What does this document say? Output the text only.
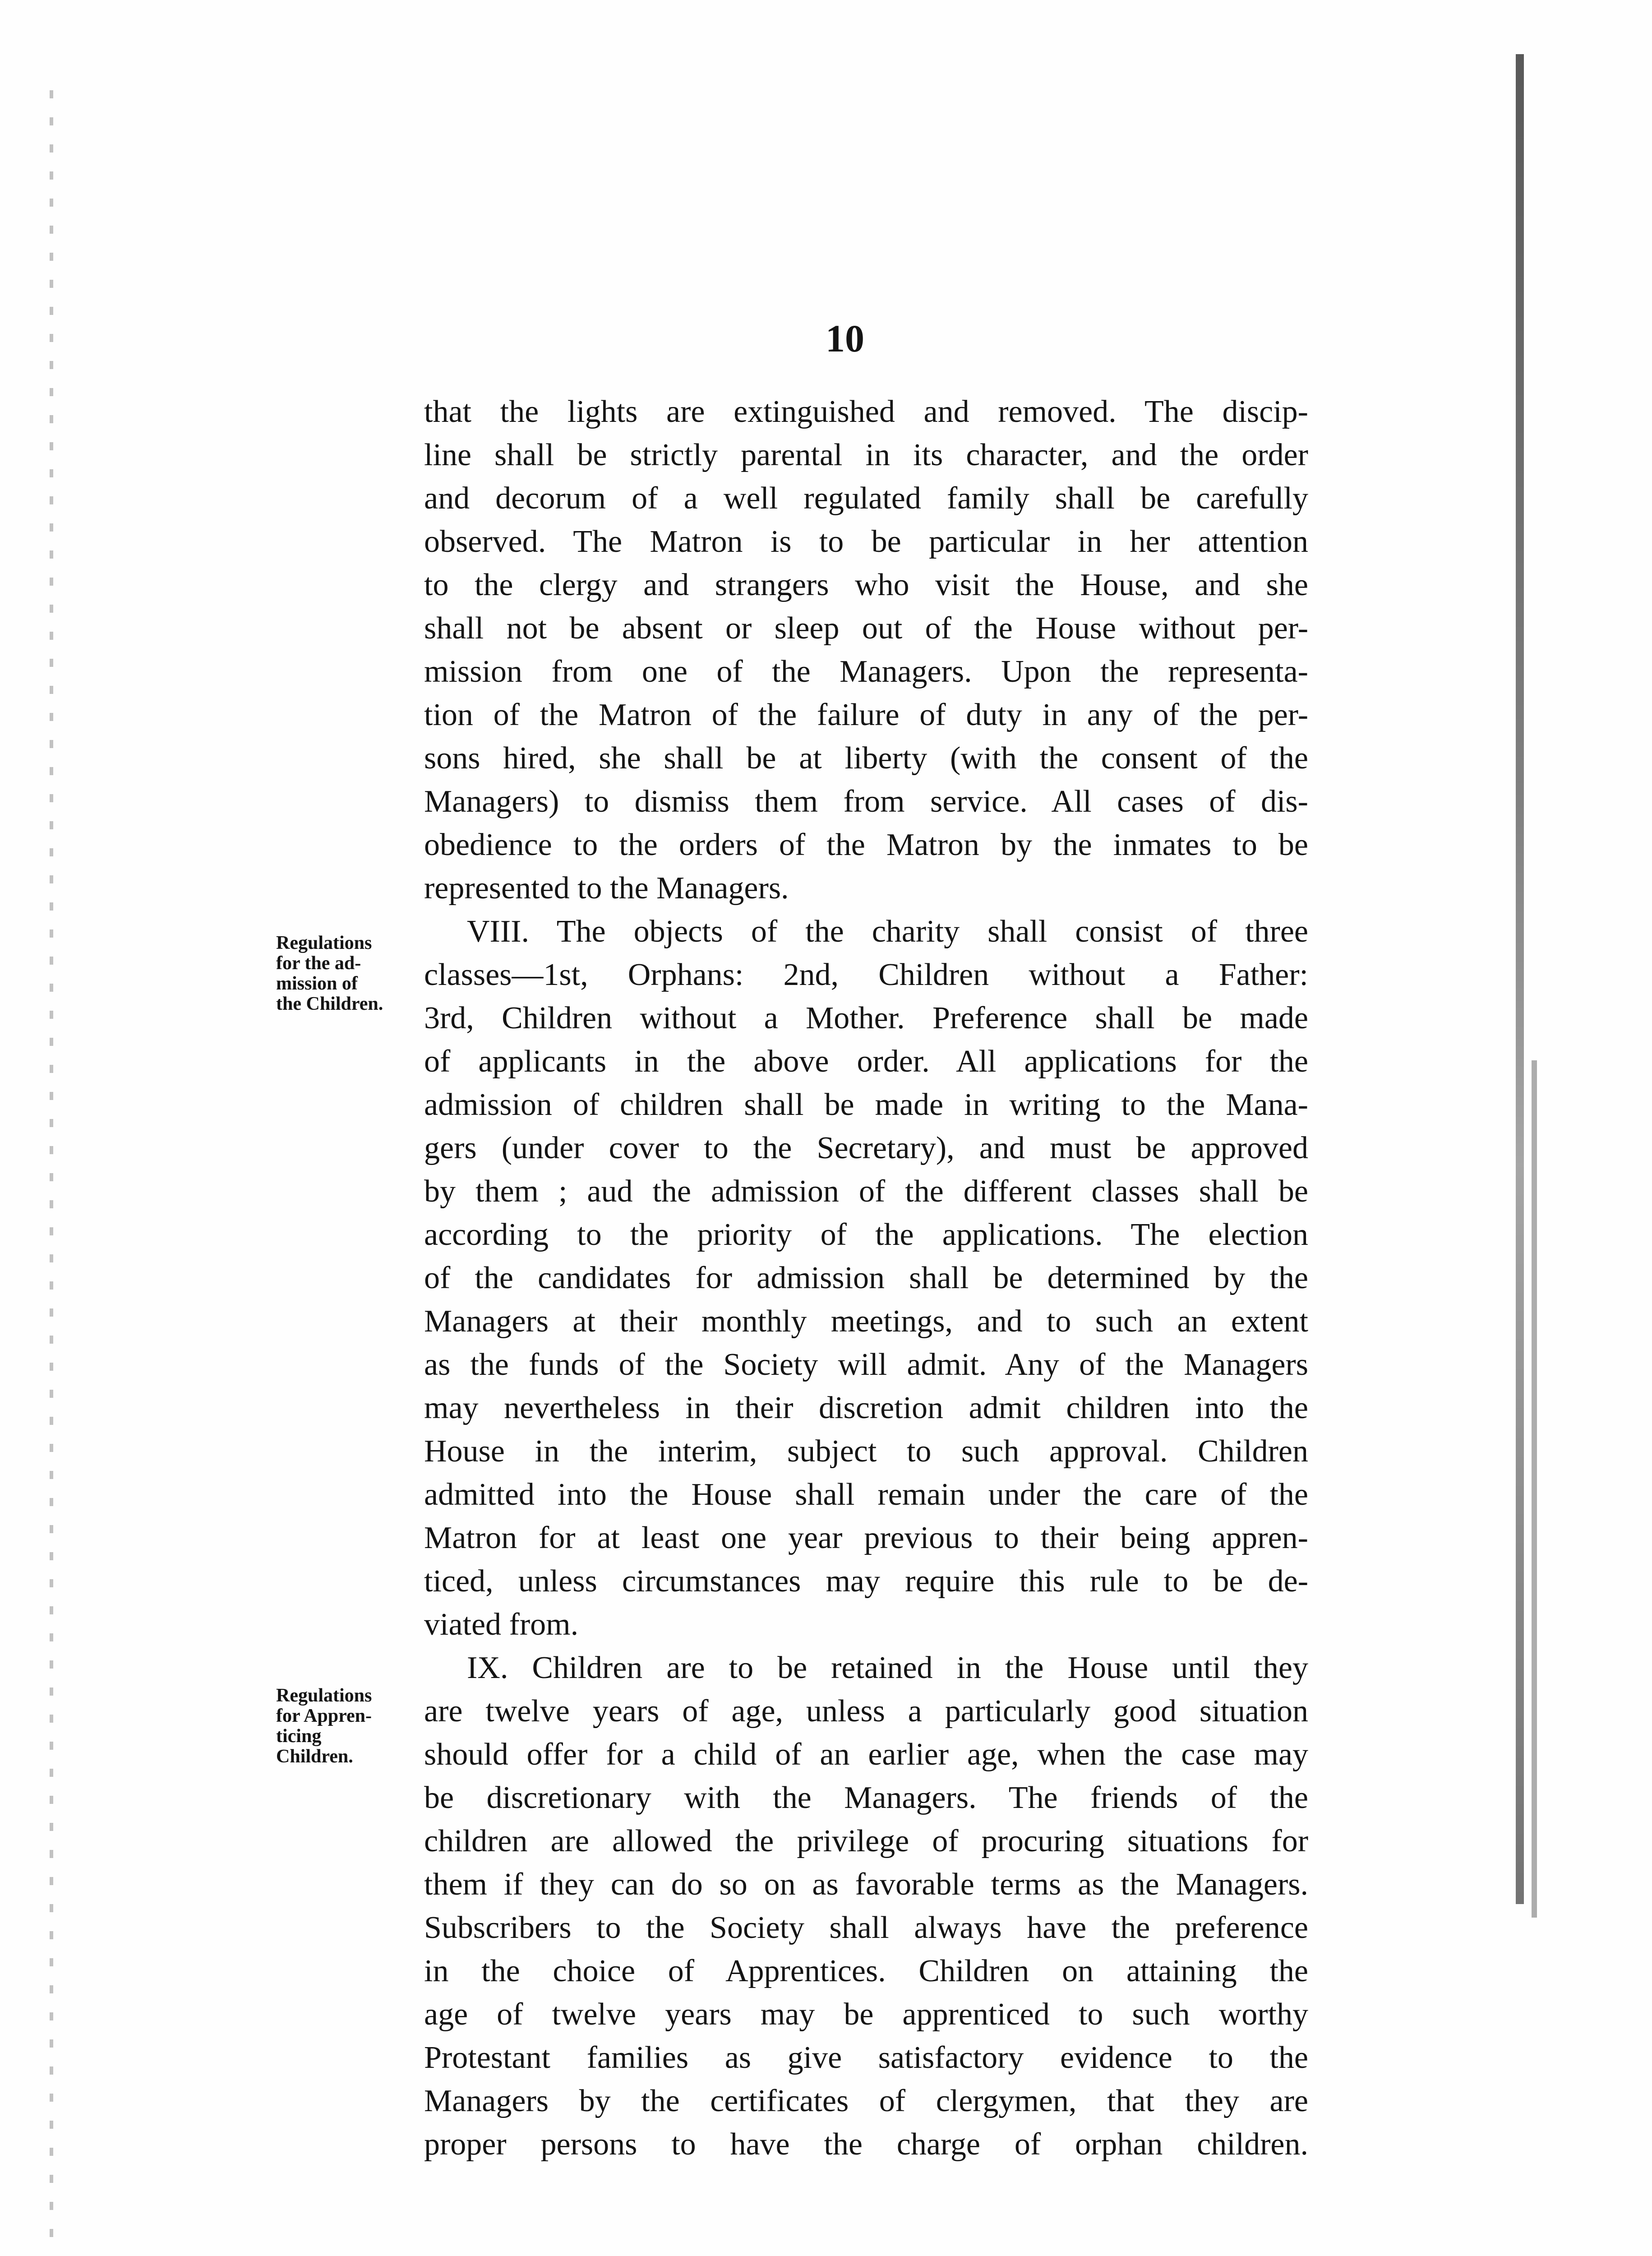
10
Regulations
for the ad-
mission of
the Children.
Regulations
for Appren-
ticing
Children.
that the lights are extinguished and removed. The discip-
line shall be strictly parental in its character, and the order
and decorum of a well regulated family shall be carefully
observed. The Matron is to be particular in her attention
to the clergy and strangers who visit the House, and she
shall not be absent or sleep out of the House without per-
mission from one of the Managers. Upon the representa-
tion of the Matron of the failure of duty in any of the per-
sons hired, she shall be at liberty (with the consent of the
Managers) to dismiss them from service. All cases of dis-
obedience to the orders of the Matron by the inmates to be
represented to the Managers.
VIII. The objects of the charity shall consist of three
classes—1st, Orphans: 2nd, Children without a Father:
3rd, Children without a Mother. Preference shall be made
of applicants in the above order. All applications for the
admission of children shall be made in writing to the Mana-
gers (under cover to the Secretary), and must be approved
by them ; aud the admission of the different classes shall be
according to the priority of the applications. The election
of the candidates for admission shall be determined by the
Managers at their monthly meetings, and to such an extent
as the funds of the Society will admit. Any of the Managers
may nevertheless in their discretion admit children into the
House in the interim, subject to such approval. Children
admitted into the House shall remain under the care of the
Matron for at least one year previous to their being appren-
ticed, unless circumstances may require this rule to be de-
viated from.
IX. Children are to be retained in the House until they
are twelve years of age, unless a particularly good situation
should offer for a child of an earlier age, when the case may
be discretionary with the Managers. The friends of the
children are allowed the privilege of procuring situations for
them if they can do so on as favorable terms as the Managers.
Subscribers to the Society shall always have the preference
in the choice of Apprentices. Children on attaining the
age of twelve years may be apprenticed to such worthy
Protestant families as give satisfactory evidence to the
Managers by the certificates of clergymen, that they are
proper persons to have the charge of orphan children.
